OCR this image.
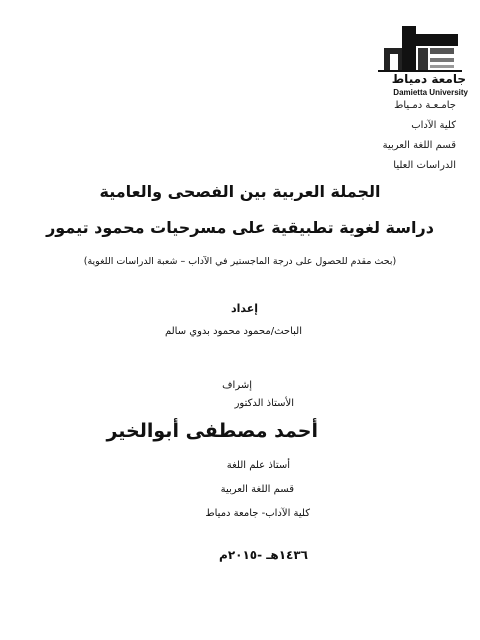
جامعة دمياط
Damietta University
جامـعـة دمـياط
كلية الآداب
قسم اللغة العربية
الدراسات العليا
الجملة العربية بين الفصحى والعامية
دراسة لغوية تطبيقية على مسرحيات محمود تيمور
(بحث مقدم للحصول على درجة الماجستير في الآداب – شعبة الدراسات اللغوية)
إعداد
الباحث/محمود محمود بدوي سالم
إشراف
الأستاذ الدكتور
أحمد مصطفى أبوالخير
أستاذ علم اللغة
قسم اللغة العربية
كلية الآداب- جامعة دمياط
١٤٣٦هـ -٢٠١٥م
